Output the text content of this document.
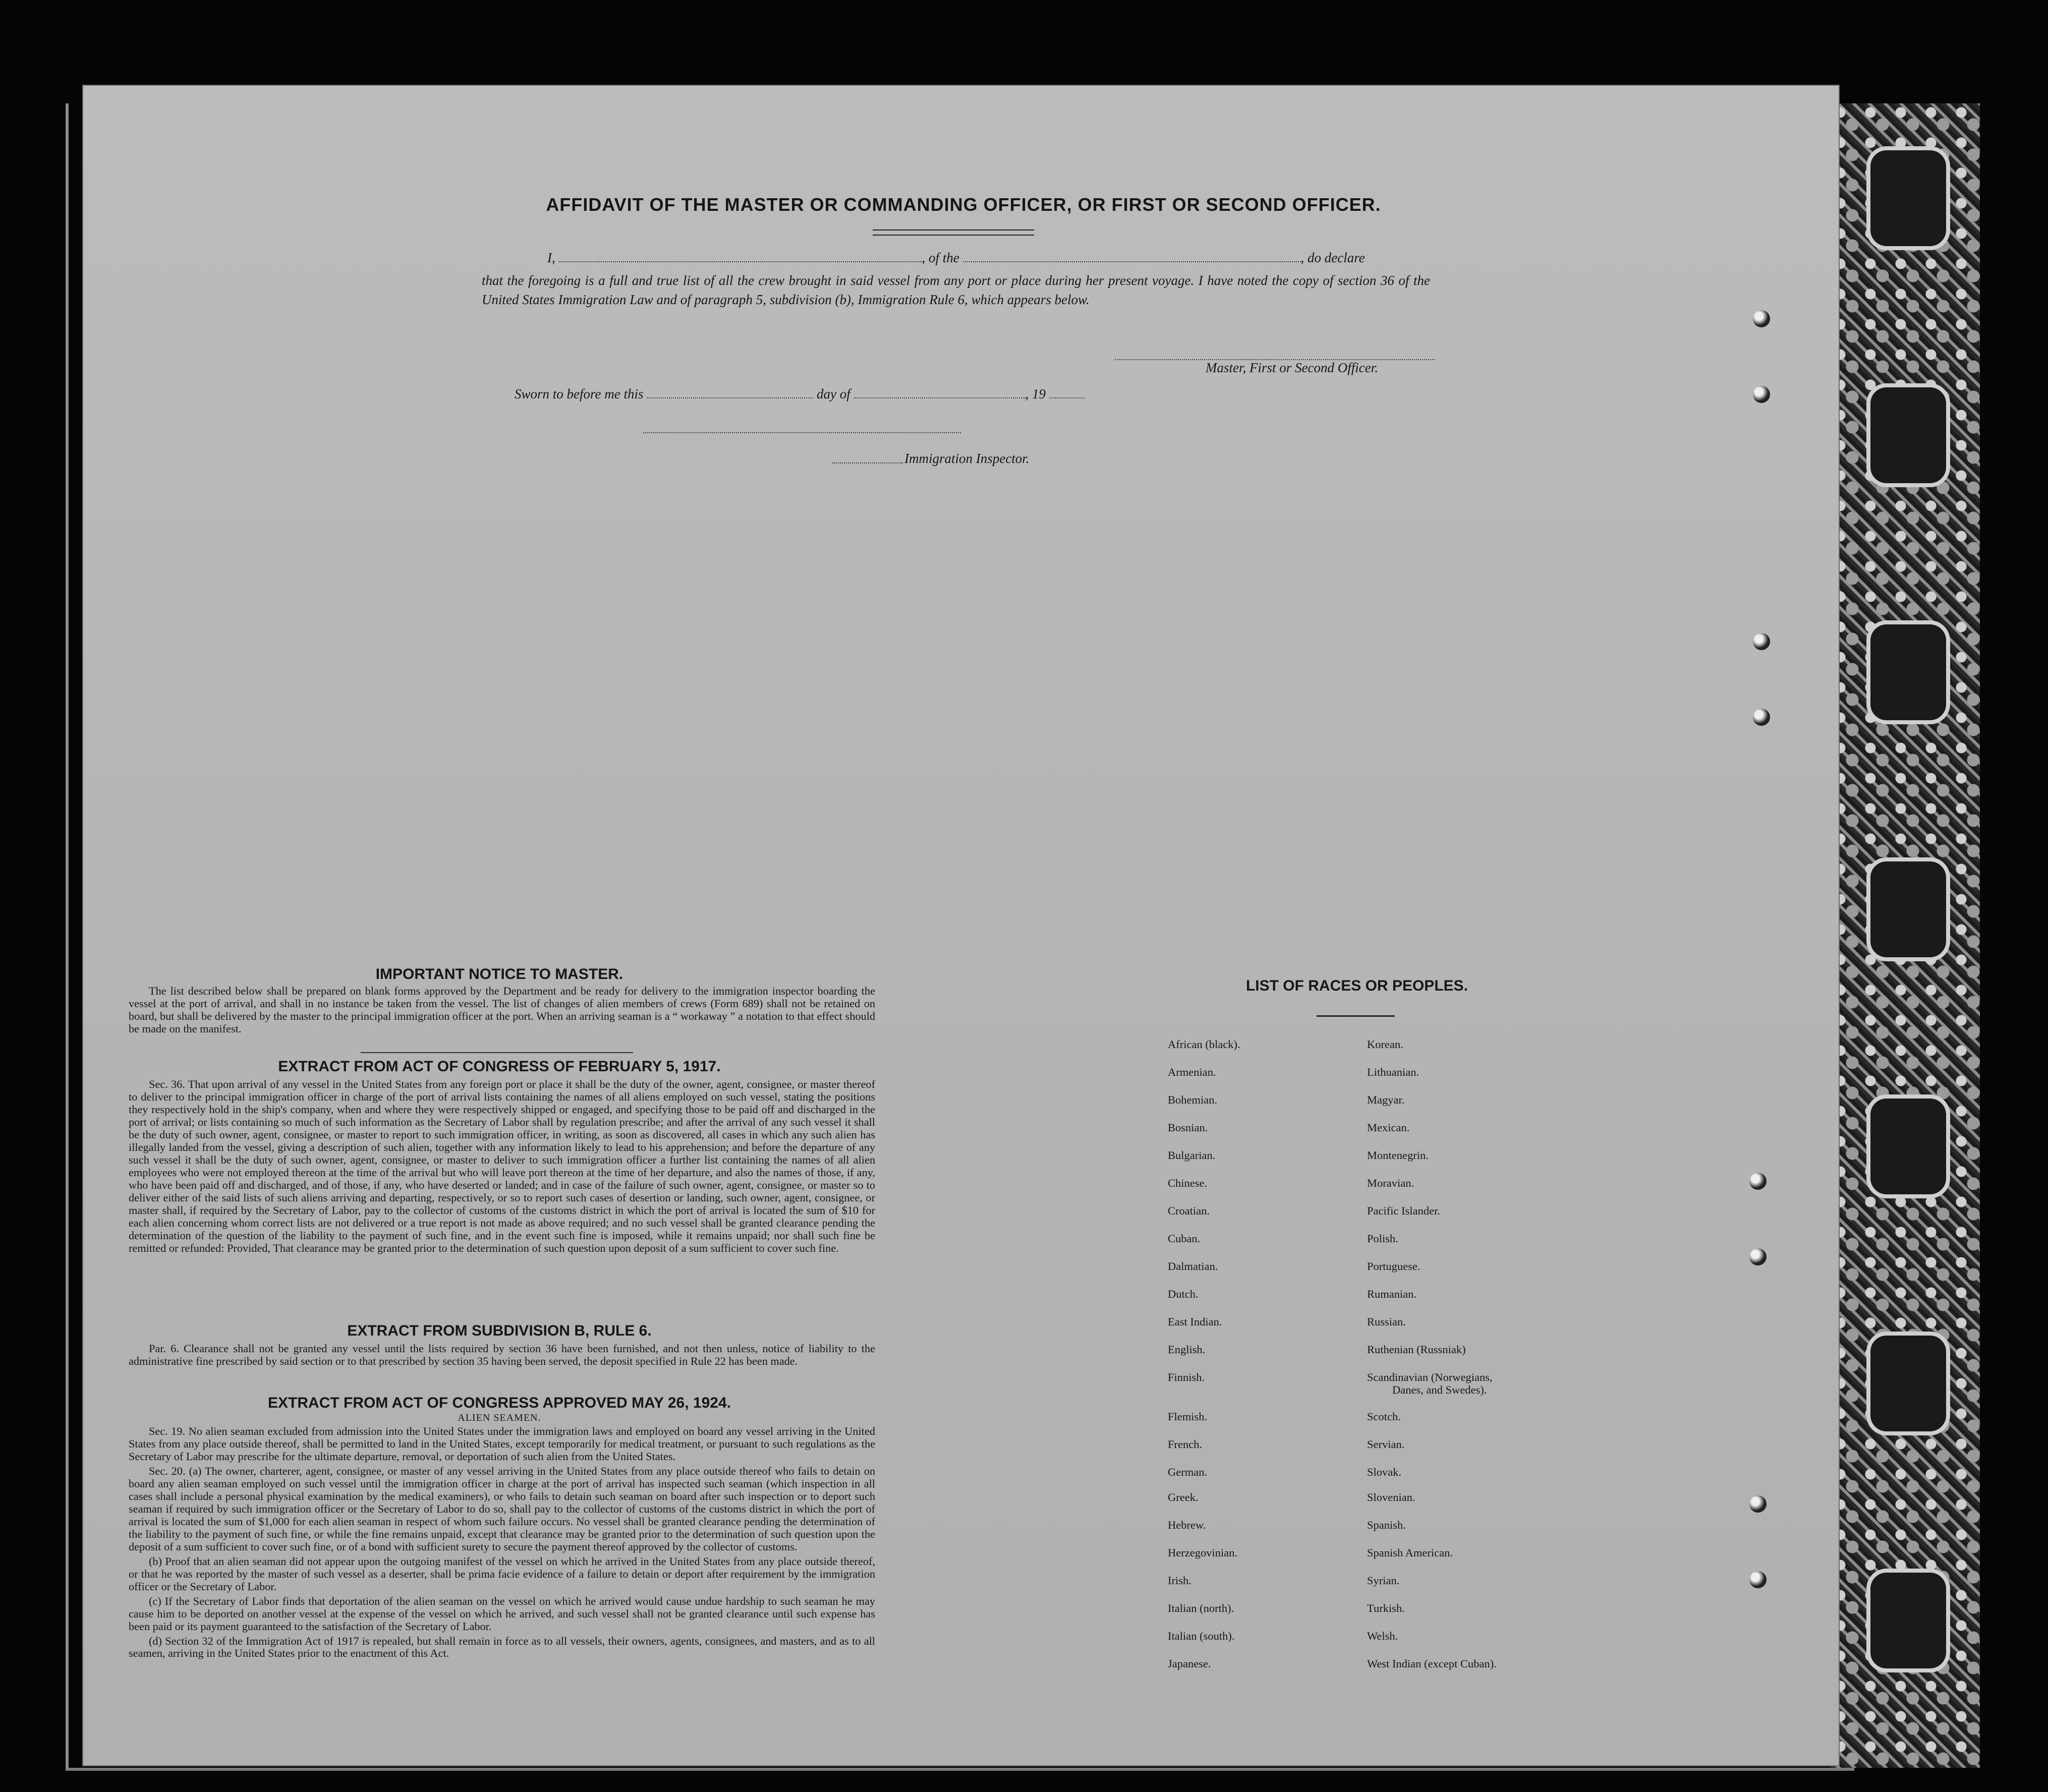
AFFIDAVIT OF THE MASTER OR COMMANDING OFFICER, OR FIRST OR SECOND OFFICER.
I,	, of the	, do declare
that the foregoing is a full and true list of all the crew brought in said vessel from any port or place during her present voyage. I have noted the copy of section 36 of the United States Immigration Law and of paragraph 5, subdivision (b), Immigration Rule 6, which appears below.
Master, First or Second Officer.
Sworn to before me this	day of	, 19
Immigration Inspector.
IMPORTANT NOTICE TO MASTER.

The list described below shall be prepared on blank forms approved by the Department and be ready for delivery to the immigration inspector boarding the vessel at the port of arrival, and shall in no instance be taken from the vessel. The list of changes of alien members of crews (Form 689) shall not be retained on board, but shall be delivered by the master to the principal immigration officer at the port. When an arriving seaman is a “ workaway ” a notation to that effect should be made on the manifest.

EXTRACT FROM ACT OF CONGRESS OF FEBRUARY 5, 1917.

Sec. 36. That upon arrival of any vessel in the United States from any foreign port or place it shall be the duty of the owner, agent, consignee, or master thereof to deliver to the principal immigration officer in charge of the port of arrival lists containing the names of all aliens employed on such vessel, stating the positions they respectively hold in the ship's company, when and where they were respectively shipped or engaged, and specifying those to be paid off and discharged in the port of arrival; or lists containing so much of such information as the Secretary of Labor shall by regulation prescribe; and after the arrival of any such vessel it shall be the duty of such owner, agent, consignee, or master to report to such immigration officer, in writing, as soon as discovered, all cases in which any such alien has illegally landed from the vessel, giving a description of such alien, together with any information likely to lead to his apprehension; and before the departure of any such vessel it shall be the duty of such owner, agent, consignee, or master to deliver to such immigration officer a further list containing the names of all alien employees who were not employed thereon at the time of the arrival but who will leave port thereon at the time of her departure, and also the names of those, if any, who have been paid off and discharged, and of those, if any, who have deserted or landed; and in case of the failure of such owner, agent, consignee, or master so to deliver either of the said lists of such aliens arriving and departing, respectively, or so to report such cases of desertion or landing, such owner, agent, consignee, or master shall, if required by the Secretary of Labor, pay to the collector of customs of the customs district in which the port of arrival is located the sum of $10 for each alien concerning whom correct lists are not delivered or a true report is not made as above required; and no such vessel shall be granted clearance pending the determination of the question of the liability to the payment of such fine, and in the event such fine is imposed, while it remains unpaid; nor shall such fine be remitted or refunded: Provided, That clearance may be granted prior to the determination of such question upon deposit of a sum sufficient to cover such fine.

EXTRACT FROM SUBDIVISION B, RULE 6.

Par. 6. Clearance shall not be granted any vessel until the lists required by section 36 have been furnished, and not then unless, notice of liability to the administrative fine prescribed by said section or to that prescribed by section 35 having been served, the deposit specified in Rule 22 has been made.

EXTRACT FROM ACT OF CONGRESS APPROVED MAY 26, 1924.
ALIEN SEAMEN.

Sec. 19. No alien seaman excluded from admission into the United States under the immigration laws and employed on board any vessel arriving in the United States from any place outside thereof, shall be permitted to land in the United States, except temporarily for medical treatment, or pursuant to such regulations as the Secretary of Labor may prescribe for the ultimate departure, removal, or deportation of such alien from the United States.

Sec. 20. (a) The owner, charterer, agent, consignee, or master of any vessel arriving in the United States from any place outside thereof who fails to detain on board any alien seaman employed on such vessel until the immigration officer in charge at the port of arrival has inspected such seaman (which inspection in all cases shall include a personal physical examination by the medical examiners), or who fails to detain such seaman on board after such inspection or to deport such seaman if required by such immigration officer or the Secretary of Labor to do so, shall pay to the collector of customs of the customs district in which the port of arrival is located the sum of $1,000 for each alien seaman in respect of whom such failure occurs. No vessel shall be granted clearance pending the determination of the liability to the payment of such fine, or while the fine remains unpaid, except that clearance may be granted prior to the determination of such question upon the deposit of a sum sufficient to cover such fine, or of a bond with sufficient surety to secure the payment thereof approved by the collector of customs.

(b) Proof that an alien seaman did not appear upon the outgoing manifest of the vessel on which he arrived in the United States from any place outside thereof, or that he was reported by the master of such vessel as a deserter, shall be prima facie evidence of a failure to detain or deport after requirement by the immigration officer or the Secretary of Labor.

(c) If the Secretary of Labor finds that deportation of the alien seaman on the vessel on which he arrived would cause undue hardship to such seaman he may cause him to be deported on another vessel at the expense of the vessel on which he arrived, and such vessel shall not be granted clearance until such expense has been paid or its payment guaranteed to the satisfaction of the Secretary of Labor.

(d) Section 32 of the Immigration Act of 1917 is repealed, but shall remain in force as to all vessels, their owners, agents, consignees, and masters, and as to all seamen, arriving in the United States prior to the enactment of this Act.

LIST OF RACES OR PEOPLES.
African (black).
Armenian.
Bohemian.
Bosnian.
Bulgarian.
Chinese.
Croatian.
Cuban.
Dalmatian.
Dutch.
East Indian.
English.
Finnish.
Flemish.
French.
German.
Greek.
Hebrew.
Herzegovinian.
Irish.
Italian (north).
Italian (south).
Japanese.
Korean.
Lithuanian.
Magyar.
Mexican.
Montenegrin.
Moravian.
Pacific Islander.
Polish.
Portuguese.
Rumanian.
Russian.
Ruthenian (Russniak)
Scandinavian (Norwegians,
Danes, and Swedes).
Scotch.
Servian.
Slovak.
Slovenian.
Spanish.
Spanish American.
Syrian.
Turkish.
Welsh.
West Indian (except Cuban).
